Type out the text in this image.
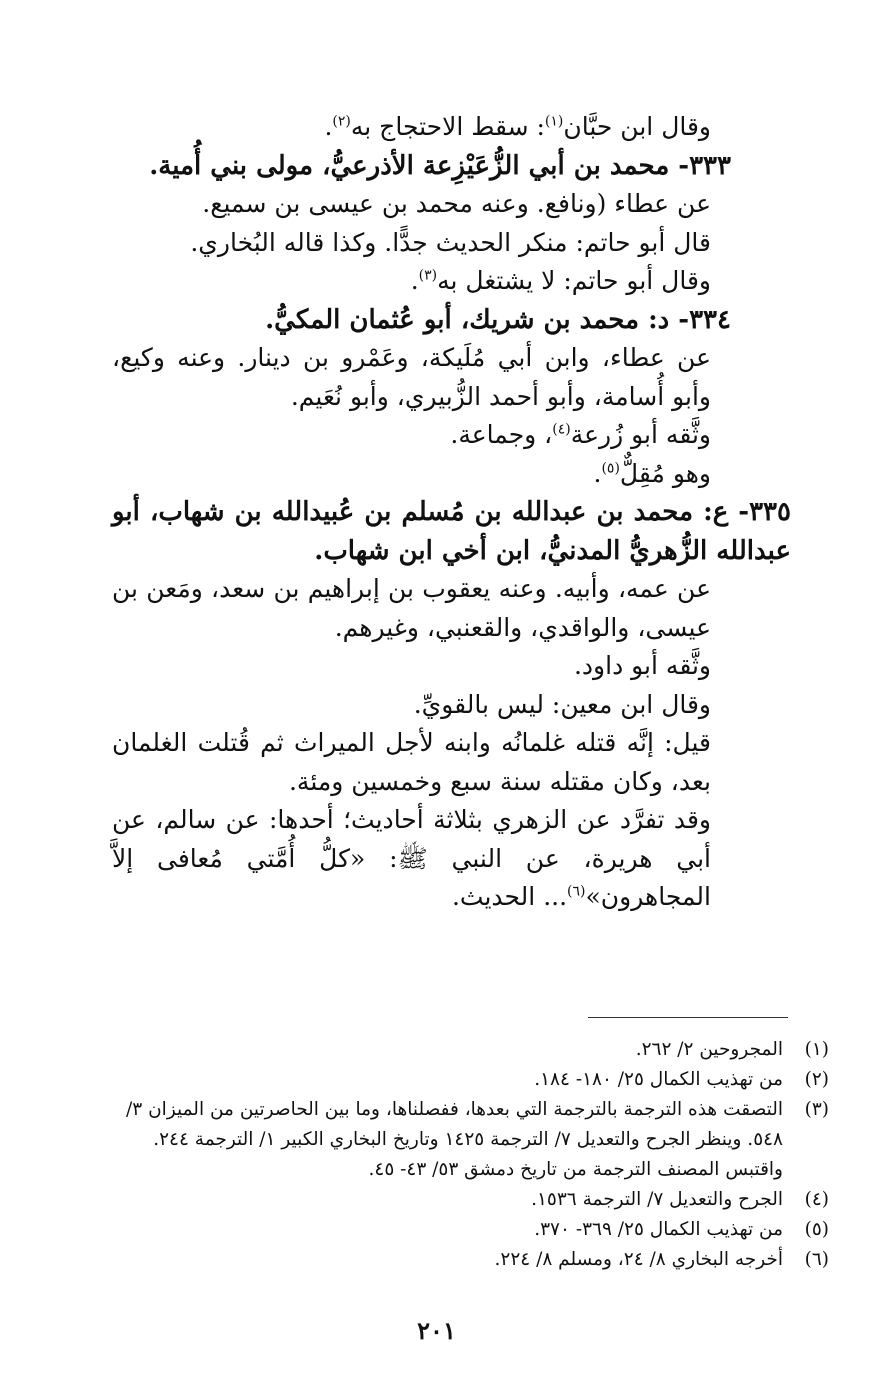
وقال ابن حبَّان$^{(١)}$: سقط الاحتجاج به$^{(٢)}$.

٣٣٣- محمد بن أبي الزُّعَيْزِعة الأذرعيُّ، مولى بني أُمية.

عن عطاء (ونافع. وعنه محمد بن عيسى بن سميع.

قال أبو حاتم: منكر الحديث جدًّا. وكذا قاله البُخاري.

وقال أبو حاتم: لا يشتغل به$^{(٣)}$.

٣٣٤- د: محمد بن شريك، أبو عُثمان المكيُّ.

عن عطاء، وابن أبي مُلَيكة، وعَمْرو بن دينار. وعنه وكيع، وأبو أُسامة، وأبو أحمد الزُّبيري، وأبو نُعَيم.

وثَّقه أبو زُرعة$^{(٤)}$، وجماعة.

وهو مُقِلٌّ$^{(٥)}$.

٣٣٥- ع: محمد بن عبدالله بن مُسلم بن عُبيدالله بن شهاب، أبو عبدالله الزُّهريُّ المدنيُّ، ابن أخي ابن شهاب.

عن عمه، وأبيه. وعنه يعقوب بن إبراهيم بن سعد، ومَعن بن عيسى، والواقدي، والقعنبي، وغيرهم.

وثَّقه أبو داود.

وقال ابن معين: ليس بالقويِّ.

قيل: إنَّه قتله غلمانُه وابنه لأجل الميراث ثم قُتلت الغلمان بعد، وكان مقتله سنة سبع وخمسين ومئة.

وقد تفرَّد عن الزهري بثلاثة أحاديث؛ أحدها: عن سالم، عن أبي هريرة، عن النبي ﷺ: «كلُّ أُمَّتي مُعافى إلاَّ المجاهرون»$^{(٦)}$... الحديث.

(١)
المجروحين ٢/ ٢٦٢.
(٢)
من تهذيب الكمال ٢٥/ ١٨٠- ١٨٤.
(٣)
التصقت هذه الترجمة بالترجمة التي بعدها، ففصلناها، وما بين الحاصرتين من الميزان ٣/ ٥٤٨. وينظر الجرح والتعديل ٧/ الترجمة ١٤٢٥ وتاريخ البخاري الكبير ١/ الترجمة ٢٤٤. واقتبس المصنف الترجمة من تاريخ دمشق ٥٣/ ٤٣- ٤٥.
(٤)
الجرح والتعديل ٧/ الترجمة ١٥٣٦.
(٥)
من تهذيب الكمال ٢٥/ ٣٦٩- ٣٧٠.
(٦)
أخرجه البخاري ٨/ ٢٤، ومسلم ٨/ ٢٢٤.
٢٠١
